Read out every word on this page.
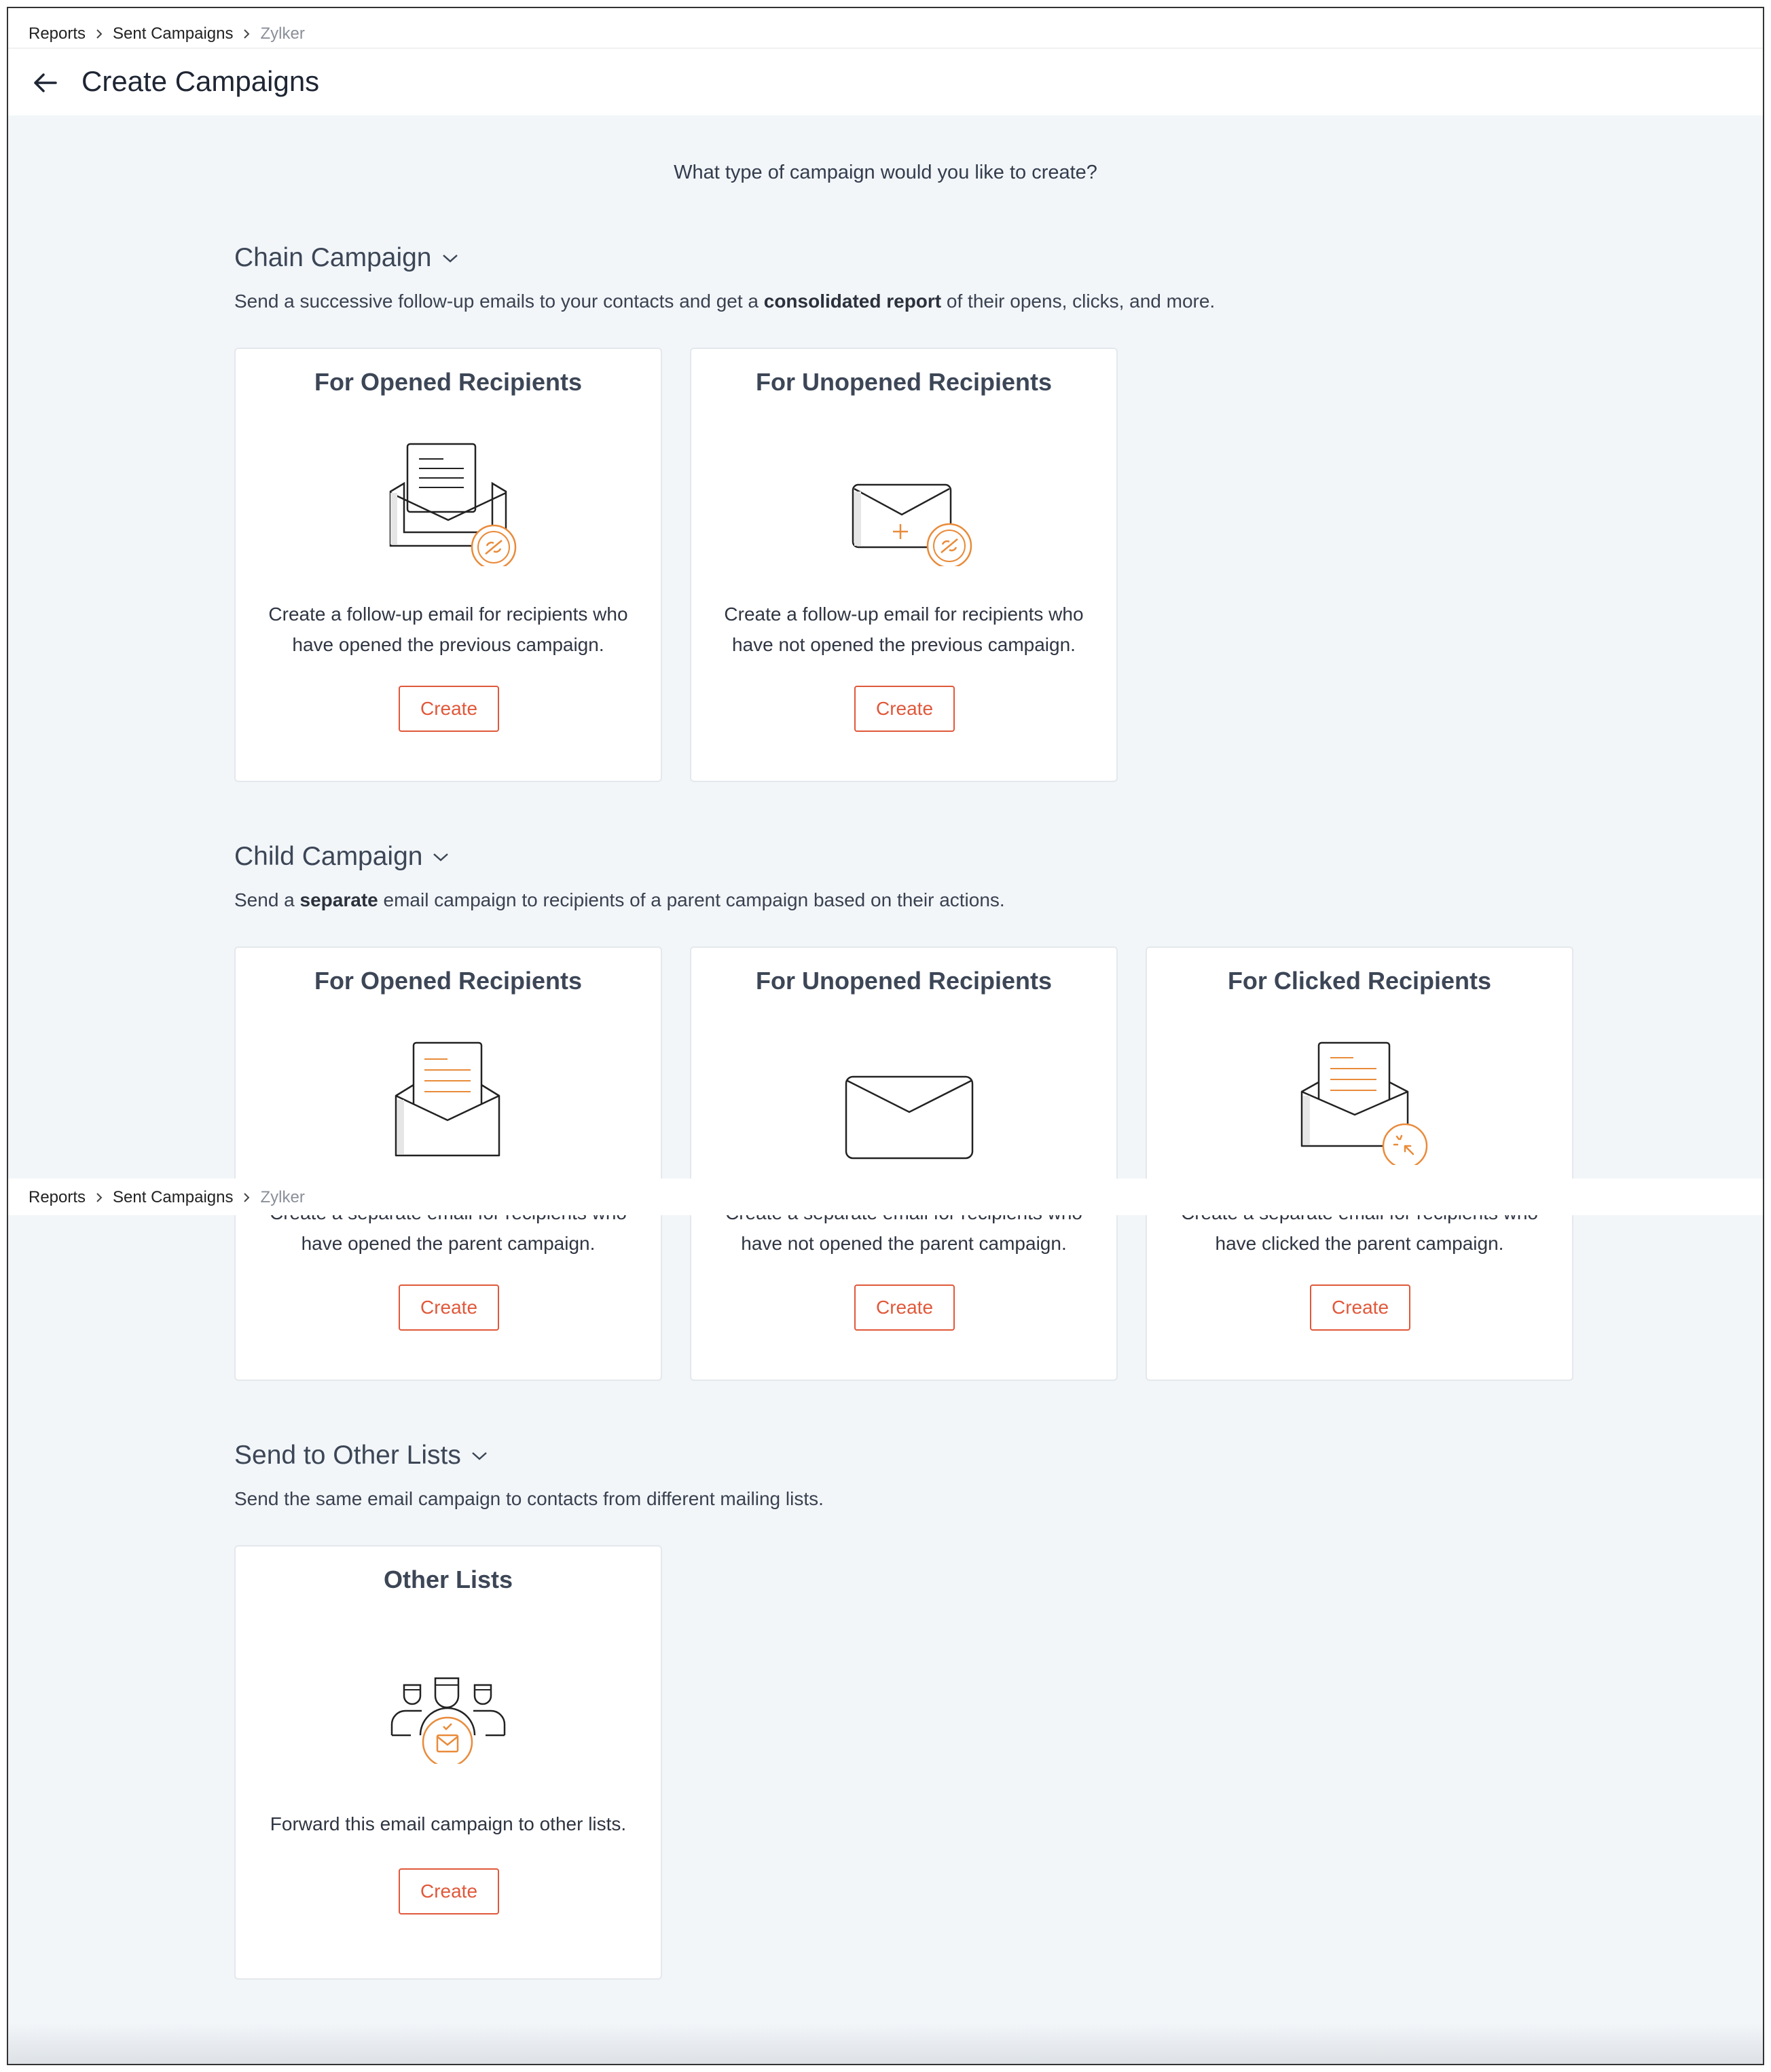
Reports Sent Campaigns Zylker
Create Campaigns
What type of campaign would you like to create?
Chain Campaign
Send a successive follow-up emails to your contacts and get a consolidated report of their opens, clicks, and more.
For Opened Recipients
Create a follow-up email for recipients who have opened the previous campaign.
Create
For Unopened Recipients
Create a follow-up email for recipients who have not opened the previous campaign.
Create
Child Campaign
Send a separate email campaign to recipients of a parent campaign based on their actions.
For Opened Recipients
have opened the parent campaign.
Create
For Unopened Recipients
have not opened the parent campaign.
Create
For Clicked Recipients
have clicked the parent campaign.
Create
Reports Sent Campaigns Zylker
Send to Other Lists
Send the same email campaign to contacts from different mailing lists.
Other Lists
Forward this email campaign to other lists.
Create
